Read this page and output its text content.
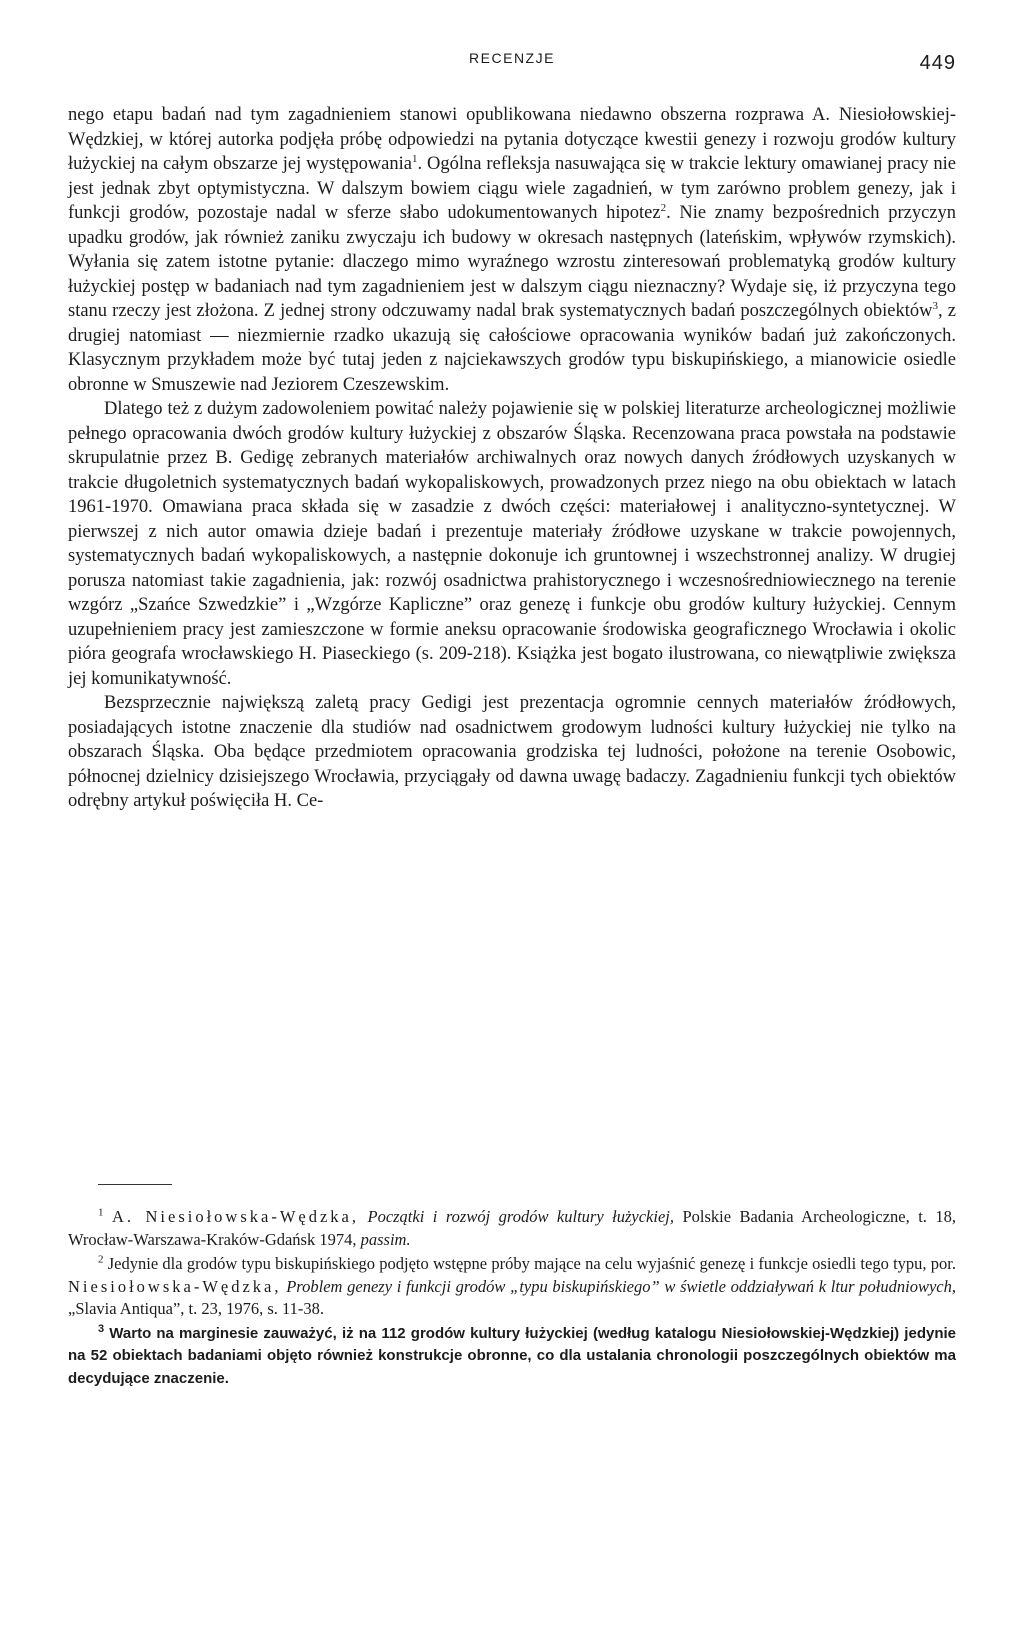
RECENZJE	449

nego etapu badań nad tym zagadnieniem stanowi opublikowana niedawno obszerna rozprawa A. Niesiołowskiej-Wędzkiej, w której autorka podjęła próbę odpowiedzi na pytania dotyczące kwestii genezy i rozwoju grodów kultury łużyckiej na całym obszarze jej występowania$^1$. Ogólna refleksja nasuwająca się w trakcie lektury omawianej pracy nie jest jednak zbyt optymistyczna. W dalszym bowiem ciągu wiele zagadnień, w tym zarówno problem genezy, jak i funkcji grodów, pozostaje nadal w sferze słabo udokumentowanych hipotez$^2$. Nie znamy bezpośrednich przyczyn upadku grodów, jak również zaniku zwyczaju ich budowy w okresach następnych (lateńskim, wpływów rzymskich). Wyłania się zatem istotne pytanie: dlaczego mimo wyraźnego wzrostu zinteresowań problematyką grodów kultury łużyckiej postęp w badaniach nad tym zagadnieniem jest w dalszym ciągu nieznaczny? Wydaje się, iż przyczyna tego stanu rzeczy jest złożona. Z jednej strony odczuwamy nadal brak systematycznych badań poszczególnych obiektów$^3$, z drugiej natomiast — niezmiernie rzadko ukazują się całościowe opracowania wyników badań już zakończonych. Klasycznym przykładem może być tutaj jeden z najciekawszych grodów typu biskupińskiego, a mianowicie osiedle obronne w Smuszewie nad Jeziorem Czeszewskim.

Dlatego też z dużym zadowoleniem powitać należy pojawienie się w polskiej literaturze archeologicznej możliwie pełnego opracowania dwóch grodów kultury łużyckiej z obszarów Śląska. Recenzowana praca powstała na podstawie skrupulatnie przez B. Gedigę zebranych materiałów archiwalnych oraz nowych danych źródłowych uzyskanych w trakcie długoletnich systematycznych badań wykopaliskowych, prowadzonych przez niego na obu obiektach w latach 1961-1970. Omawiana praca składa się w zasadzie z dwóch części: materiałowej i analityczno-syntetycznej. W pierwszej z nich autor omawia dzieje badań i prezentuje materiały źródłowe uzyskane w trakcie powojennych, systematycznych badań wykopaliskowych, a następnie dokonuje ich gruntownej i wszechstronnej analizy. W drugiej porusza natomiast takie zagadnienia, jak: rozwój osadnictwa prahistorycznego i wczesnośredniowiecznego na terenie wzgórz „Szańce Szwedzkie” i „Wzgórze Kapliczne” oraz genezę i funkcje obu grodów kultury łużyckiej. Cennym uzupełnieniem pracy jest zamieszczone w formie aneksu opracowanie środowiska geograficznego Wrocławia i okolic pióra geografa wrocławskiego H. Piaseckiego (s. 209-218). Książka jest bogato ilustrowana, co niewątpliwie zwiększa jej komunikatywność.

Bezsprzecznie największą zaletą pracy Gedigi jest prezentacja ogromnie cennych materiałów źródłowych, posiadających istotne znaczenie dla studiów nad osadnictwem grodowym ludności kultury łużyckiej nie tylko na obszarach Śląska. Oba będące przedmiotem opracowania grodziska tej ludności, położone na terenie Osobowic, północnej dzielnicy dzisiejszego Wrocławia, przyciągały od dawna uwagę badaczy. Zagadnieniu funkcji tych obiektów odrębny artykuł poświęciła H. Ce-

$^1$ A. Niesiołowska-Wędzka, Początki i rozwój grodów kultury łużyckiej, Polskie Badania Archeologiczne, t. 18, Wrocław-Warszawa-Kraków-Gdańsk 1974, passim.

$^2$ Jedynie dla grodów typu biskupińskiego podjęto wstępne próby mające na celu wyjaśnić genezę i funkcje osiedli tego typu, por. Niesiołowska-Wędzka, Problem genezy i funkcji grodów „typu biskupińskiego” w świetle oddziaływań k ltur południowych, „Slavia Antiqua”, t. 23, 1976, s. 11-38.

$^3$ Warto na marginesie zauważyć, iż na 112 grodów kultury łużyckiej (według katalogu Niesiołowskiej-Wędzkiej) jedynie na 52 obiektach badaniami objęto również konstrukcje obronne, co dla ustalania chronologii poszczególnych obiektów ma decydujące znaczenie.
